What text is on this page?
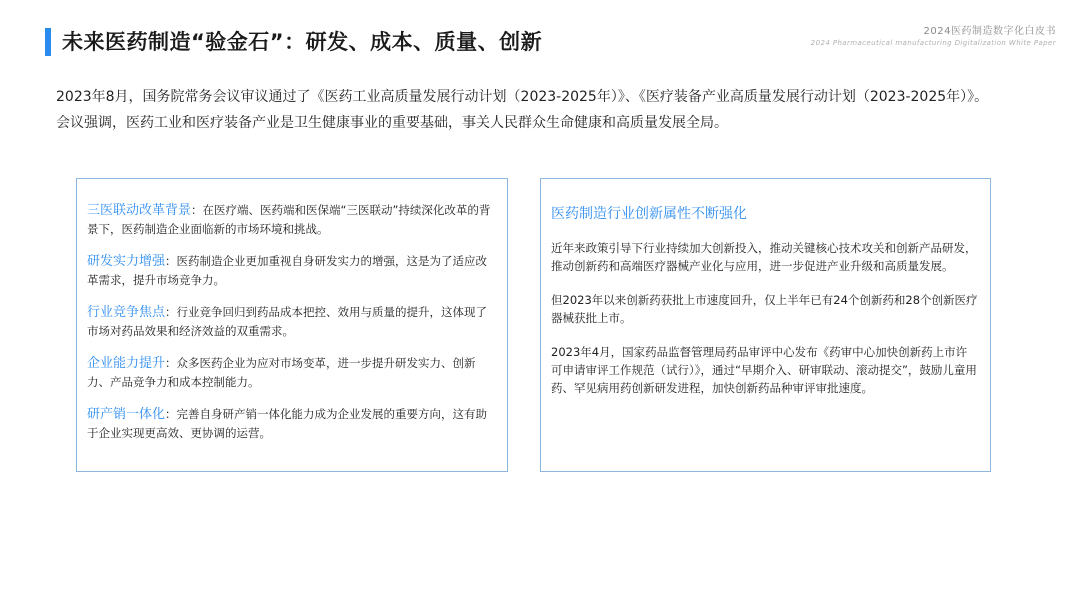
未来医药制造“验金石”：研发、成本、质量、创新	2024医药制造数字化白皮书
2024 Pharmaceutical manufacturing Digitalization White Paper
2023年8月，国务院常务会议审议通过了《医药工业高质量发展行动计划（2023-2025年）》、《医疗装备产业高质量发展行动计划（2023-2025年）》。会议强调，医药工业和医疗装备产业是卫生健康事业的重要基础，事关人民群众生命健康和高质量发展全局。
三医联动改革背景：在医疗端、医药端和医保端“三医联动”持续深化改革的背景下，医药制造企业面临新的市场环境和挑战。
研发实力增强：医药制造企业更加重视自身研发实力的增强，这是为了适应改革需求，提升市场竞争力。
行业竞争焦点：行业竞争回归到药品成本把控、效用与质量的提升，这体现了市场对药品效果和经济效益的双重需求。
企业能力提升：众多医药企业为应对市场变革，进一步提升研发实力、创新力、产品竞争力和成本控制能力。
研产销一体化：完善自身研产销一体化能力成为企业发展的重要方向，这有助于企业实现更高效、更协调的运营。
医药制造行业创新属性不断强化
近年来政策引导下行业持续加大创新投入，推动关键核心技术攻关和创新产品研发，推动创新药和高端医疗器械产业化与应用，进一步促进产业升级和高质量发展。
但2023年以来创新药获批上市速度回升，仅上半年已有24个创新药和28个创新医疗器械获批上市。
2023年4月，国家药品监督管理局药品审评中心发布《药审中心加快创新药上市许可申请审评工作规范（试行）》，通过“早期介入、研审联动、滚动提交”，鼓励儿童用药、罕见病用药创新研发进程，加快创新药品种审评审批速度。
